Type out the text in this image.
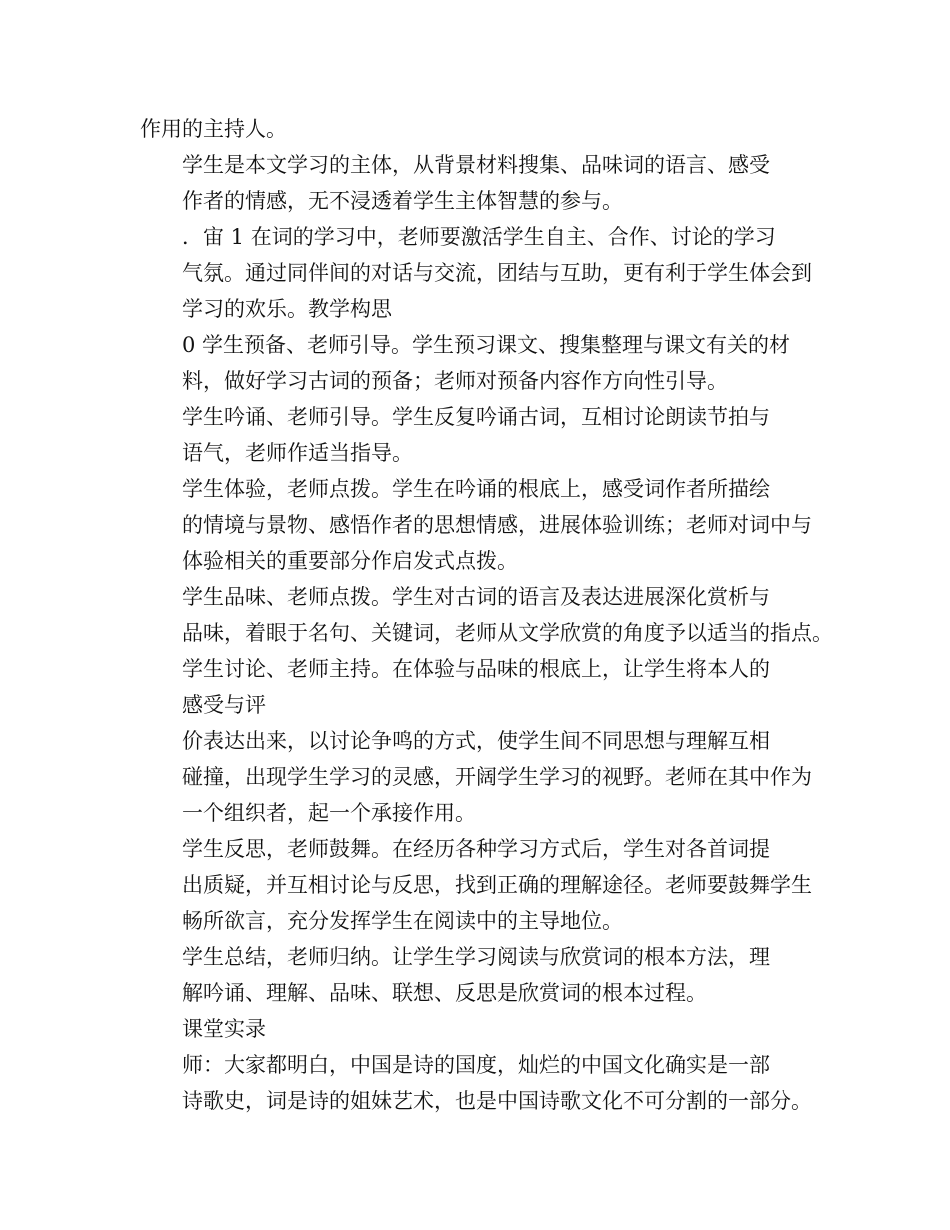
作用的主持人。
学生是本文学习的主体，从背景材料搜集、品味词的语言、感受
作者的情感，无不浸透着学生主体智慧的参与。
．宙 1 在词的学习中，老师要激活学生自主、合作、讨论的学习
气氛。通过同伴间的对话与交流，团结与互助，更有利于学生体会到
学习的欢乐。教学构思
0 学生预备、老师引导。学生预习课文、搜集整理与课文有关的材
料，做好学习古词的预备；老师对预备内容作方向性引导。
学生吟诵、老师引导。学生反复吟诵古词，互相讨论朗读节拍与
语气，老师作适当指导。
学生体验，老师点拨。学生在吟诵的根底上，感受词作者所描绘
的情境与景物、感悟作者的思想情感，进展体验训练；老师对词中与
体验相关的重要部分作启发式点拨。
学生品味、老师点拨。学生对古词的语言及表达进展深化赏析与
品味，着眼于名句、关键词，老师从文学欣赏的角度予以适当的指点。
学生讨论、老师主持。在体验与品味的根底上，让学生将本人的
感受与评
价表达出来，以讨论争鸣的方式，使学生间不同思想与理解互相
碰撞，出现学生学习的灵感，开阔学生学习的视野。老师在其中作为
一个组织者，起一个承接作用。
学生反思，老师鼓舞。在经历各种学习方式后，学生对各首词提
出质疑，并互相讨论与反思，找到正确的理解途径。老师要鼓舞学生
畅所欲言，充分发挥学生在阅读中的主导地位。
学生总结，老师归纳。让学生学习阅读与欣赏词的根本方法，理
解吟诵、理解、品味、联想、反思是欣赏词的根本过程。
课堂实录
师：大家都明白，中国是诗的国度，灿烂的中国文化确实是一部
诗歌史，词是诗的姐妹艺术，也是中国诗歌文化不可分割的一部分。
